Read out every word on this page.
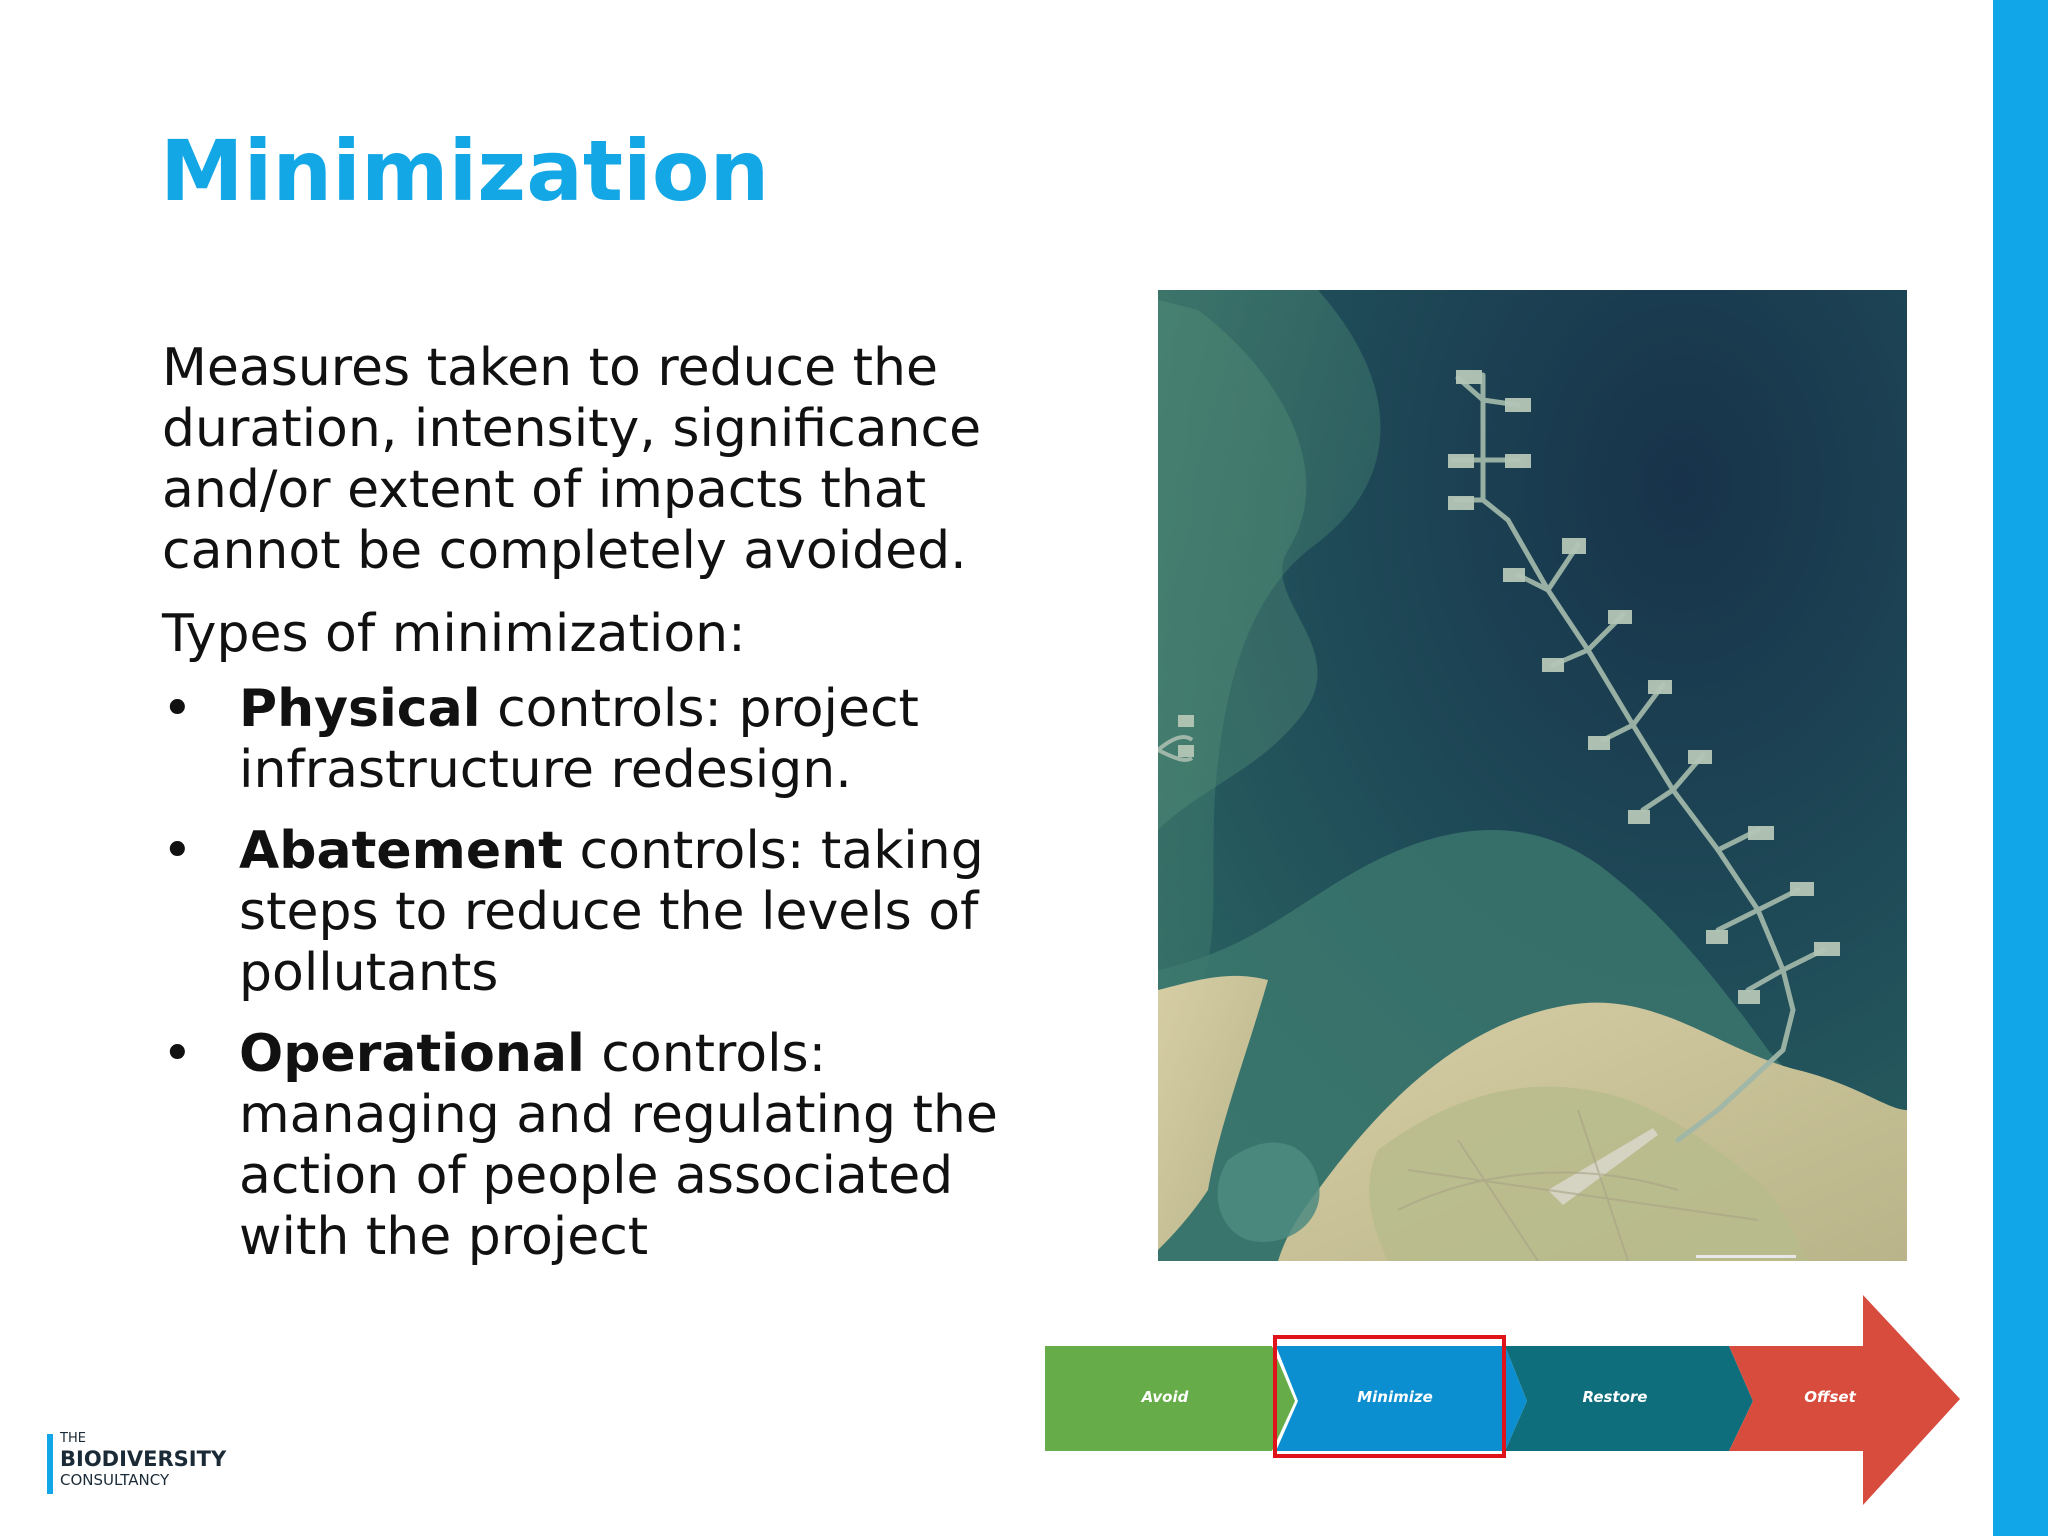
Minimization

Measures taken to reduce the duration, intensity, significance and/or extent of impacts that cannot be completely avoided.

Types of minimization:

• Physical controls: project infrastructure redesign.
• Abatement controls: taking steps to reduce the levels of pollutants
• Operational controls: managing and regulating the action of people associated with the project
Avoid	Minimize	Restore	Offset
THE
BIODIVERSITY
CONSULTANCY
